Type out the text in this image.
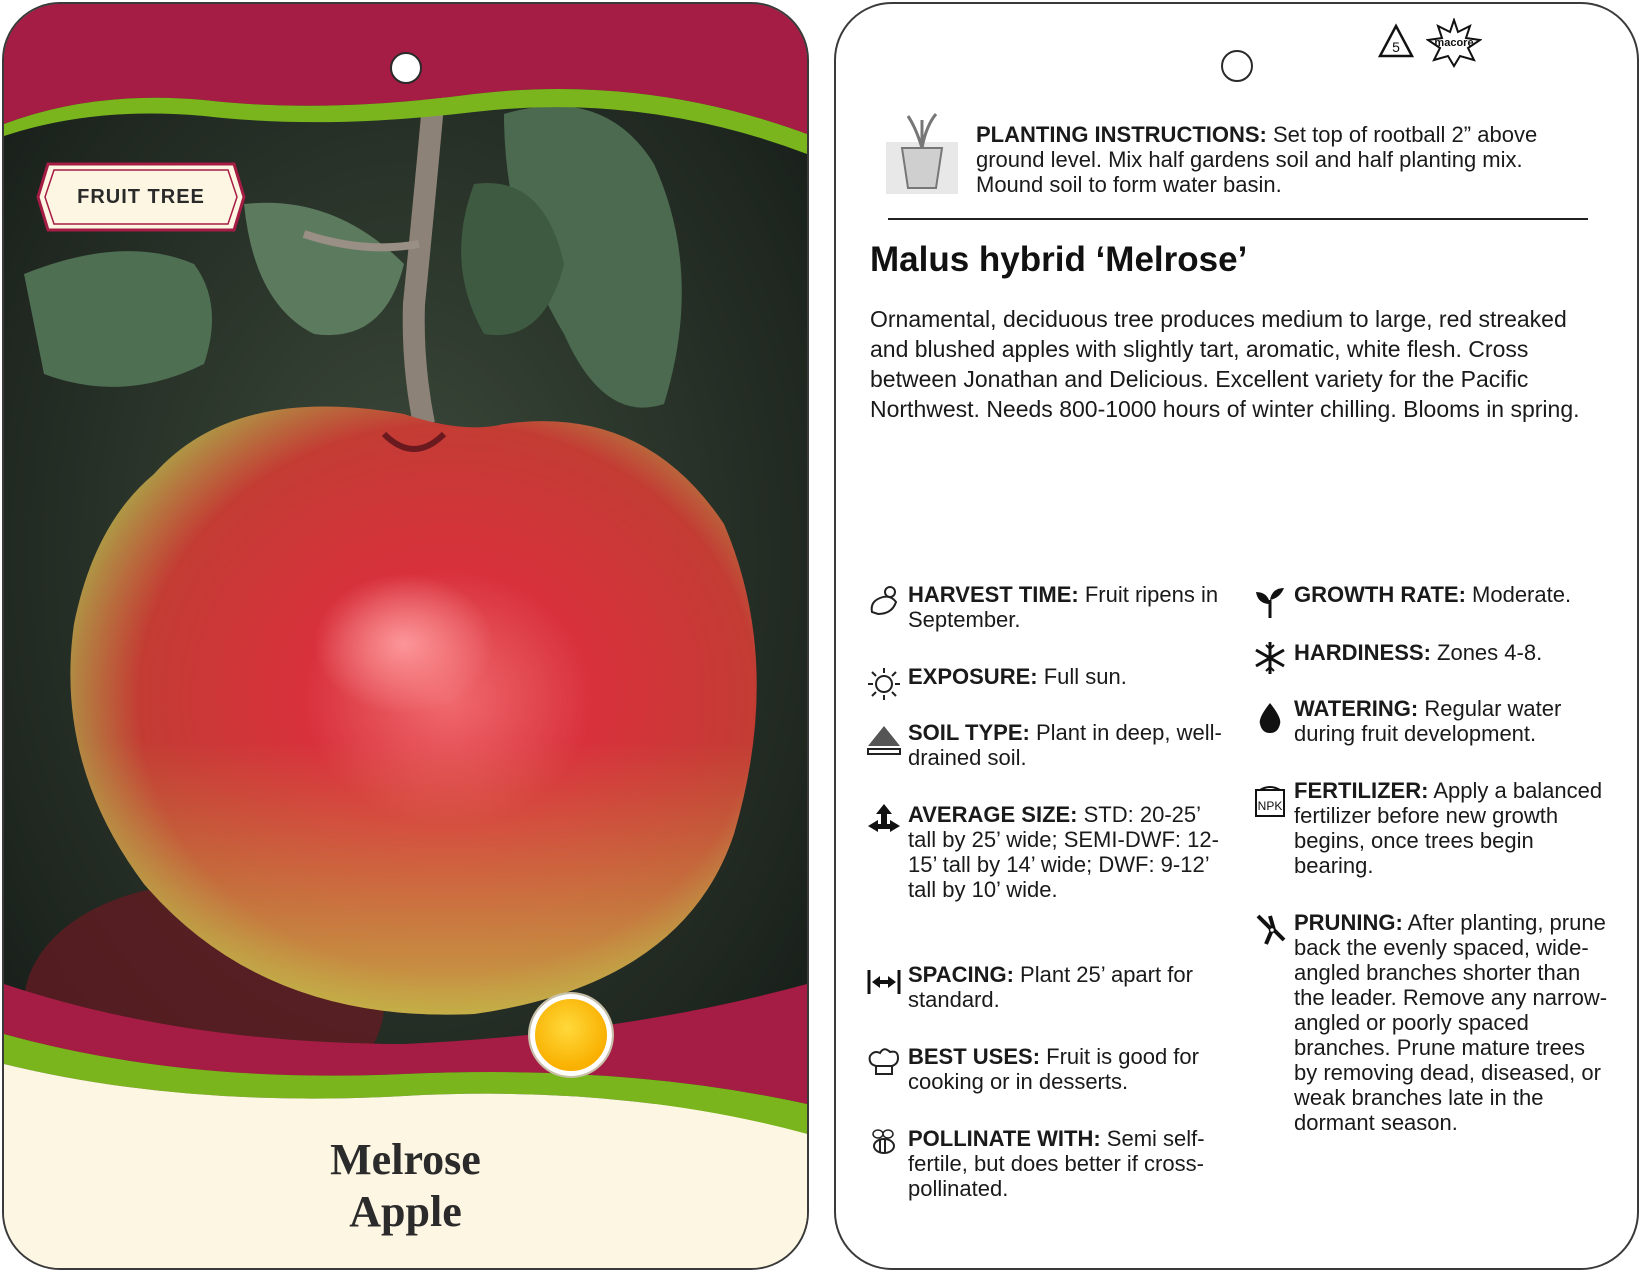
FRUIT TREE
Melrose
Apple
5	macore
PLANTING INSTRUCTIONS: Set top of rootball 2” above ground level. Mix half gardens soil and half planting mix. Mound soil to form water basin.
Malus hybrid ‘Melrose’
Ornamental, deciduous tree produces medium to large, red streaked and blushed apples with slightly tart, aromatic, white flesh. Cross between Jonathan and Delicious. Excellent variety for the Pacific Northwest. Needs 800-1000 hours of winter chilling. Blooms in spring.
HARVEST TIME: Fruit ripens in September.
EXPOSURE: Full sun.
SOIL TYPE: Plant in deep, well-drained soil.
AVERAGE SIZE: STD: 20-25’ tall by 25’ wide; SEMI-DWF: 12-15’ tall by 14’ wide; DWF: 9-12’ tall by 10’ wide.
SPACING: Plant 25’ apart for standard.
BEST USES: Fruit is good for cooking or in desserts.
POLLINATE WITH: Semi self-fertile, but does better if cross-pollinated.
GROWTH RATE: Moderate.
HARDINESS: Zones 4-8.
WATERING: Regular water during fruit development.
NPK
FERTILIZER: Apply a balanced fertilizer before new growth begins, once trees begin bearing.
PRUNING: After planting, prune back the evenly spaced, wide-angled branches shorter than the leader. Remove any narrow-angled or poorly spaced branches. Prune mature trees by removing dead, diseased, or weak branches late in the dormant season.
